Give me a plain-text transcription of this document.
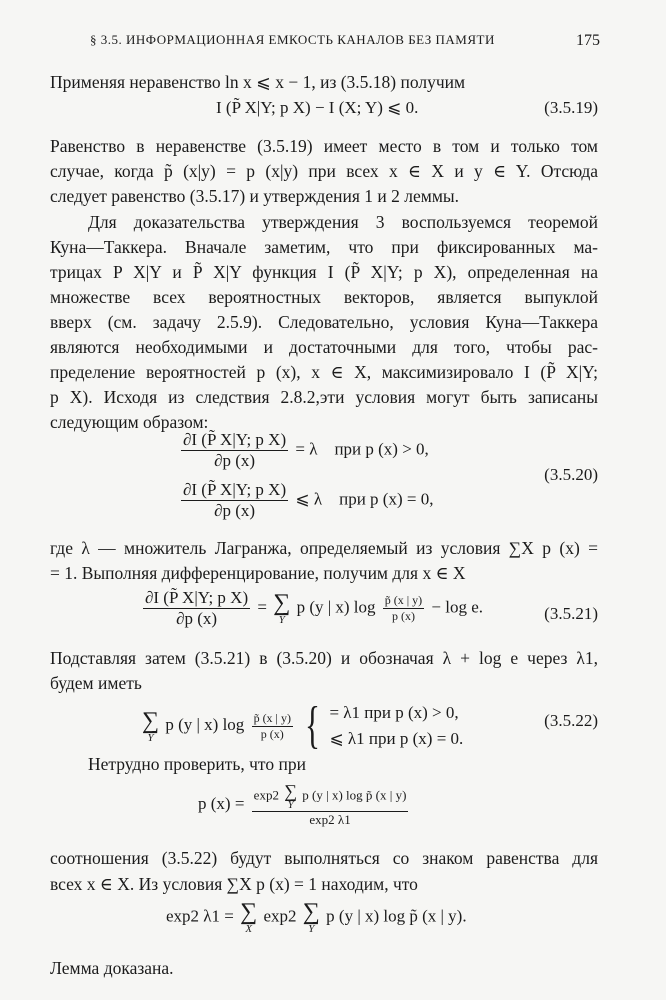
§ 3.5. ИНФОРМАЦИОННАЯ ЕМКОСТЬ КАНАЛОВ БЕЗ ПАМЯТИ	175
Применяя неравенство ln x ⩽ x − 1, из (3.5.18) получим
I (P̃ X|Y; p X) − I (X; Y) ⩽ 0.	(3.5.19)
Равенство в неравенстве (3.5.19) имеет место в том и только том
случае, когда p̃ (x|y) = p (x|y) при всех x ∈ X и y ∈ Y. Отсюда
следует равенство (3.5.17) и утверждения 1 и 2 леммы.
Для доказательства утверждения 3 воспользуемся теоремой
Куна—Таккера. Вначале заметим, что при фиксированных ма-
трицах P X|Y и P̃ X|Y функция I (P̃ X|Y; p X), определенная на
множестве всех вероятностных векторов, является выпуклой
вверх (см. задачу 2.5.9). Следовательно, условия Куна—Таккера
являются необходимыми и достаточными для того, чтобы рас-
пределение вероятностей p (x), x ∈ X, максимизировало I (P̃ X|Y;
p X). Исходя из следствия 2.8.2,эти условия могут быть записаны
следующим образом:
$\frac{\text{∂I (P̃ X|Y; p X)}}{\partial p (x)} = \lambda$ при p (x) > 0,
$\frac{\text{∂I (P̃ X|Y; p X)}}{\partial p (x)}$ ⩽ λ при p (x) = 0,
(3.5.20)
где λ — множитель Лагранжа, определяемый из условия ∑X p (x) =
= 1. Выполняя дифференцирование, получим для x ∈ X
$\frac{\text{∂I (P̃ X|Y; p X)}}{\partial p (x)}$ = ∑
Y
p (y | x) $\log \frac{p̃ (x | y)}{p (x)} - \log e$.	(3.5.21)
Подставляя затем (3.5.21) в (3.5.20) и обозначая λ + log e через λ1,
будем иметь
∑
Y
p (y | x) $\log \frac{p̃ (x | y)}{p (x)}$ { = λ1 при p (x) > 0,
⩽ λ1 при p (x) = 0.
(3.5.22)
Нетрудно проверить, что при
p (x) = exp2 ∑
Y
p (y | x) log p̃ (x | y)
exp2 λ1
соотношения (3.5.22) будут выполняться со знаком равенства для
всех x ∈ X. Из условия ∑X p (x) = 1 находим, что
exp2 λ1 = ∑
X
exp2 ∑
Y
p (y | x) log p̃ (x | y).
Лемма доказана.
